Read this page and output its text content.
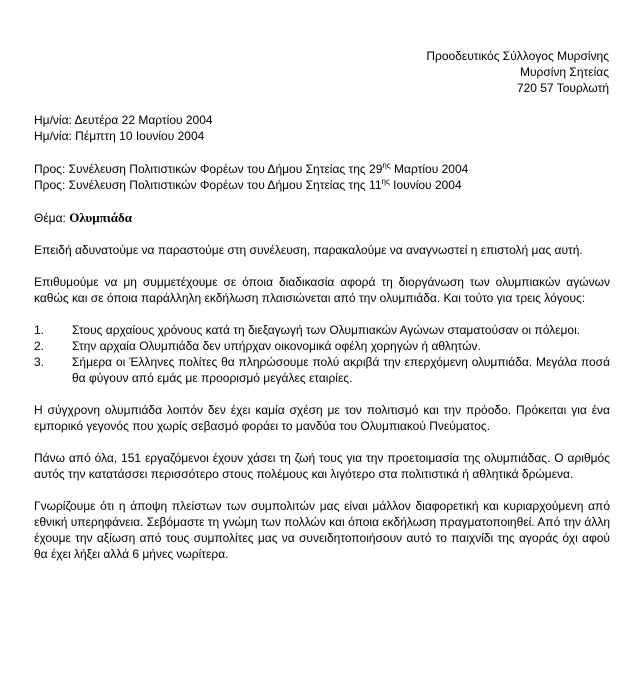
Προοδευτικός Σύλλογος Μυρσίνης
Μυρσίνη Σητείας
720 57 Τουρλωτή
Ημ/νία: Δευτέρα 22 Μαρτίου 2004
Ημ/νία: Πέμπτη 10 Ιουνίου 2004
Προς: Συνέλευση Πολιτιστικών Φορέων του Δήμου Σητείας της $29^{\eta\varsigma}$ Μαρτίου 2004
Προς: Συνέλευση Πολιτιστικών Φορέων του Δήμου Σητείας της $11^{\eta\varsigma}$ Ιουνίου 2004
Θέμα: Ολυμπιάδα

Επειδή αδυνατούμε να παραστούμε στη συνέλευση, παρακαλούμε να αναγνωστεί η επιστολή μας αυτή.

Επιθυμούμε να μη συμμετέχουμε σε όποια διαδικασία αφορά τη διοργάνωση των ολυμπιακών αγώνων καθώς και σε όποια παράλληλη εκδήλωση πλαισιώνεται από την ολυμπιάδα. Και τούτο για τρεις λόγους:

1. Στους αρχαίους χρόνους κατά τη διεξαγωγή των Ολυμπιακών Αγώνων σταματούσαν οι πόλεμοι.
2. Στην αρχαία Ολυμπιάδα δεν υπήρχαν οικονομικά οφέλη χορηγών ή αθλητών.
3. Σήμερα οι Έλληνες πολίτες θα πληρώσουμε πολύ ακριβά την επερχόμενη ολυμπιάδα. Μεγάλα ποσά θα φύγουν από εμάς με προορισμό μεγάλες εταιρίες.

Η σύγχρονη ολυμπιάδα λοιπόν δεν έχει καμία σχέση με τον πολιτισμό και την πρόοδο. Πρόκειται για ένα εμπορικό γεγονός που χωρίς σεβασμό φοράει το μανδύα του Ολυμπιακού Πνεύματος.

Πάνω από όλα, 151 εργαζόμενοι έχουν χάσει τη ζωή τους για την προετοιμασία της ολυμπιάδας. Ο αριθμός αυτός την κατατάσσει περισσότερο στους πολέμους και λιγότερο στα πολιτιστικά ή αθλητικά δρώμενα.

Γνωρίζουμε ότι η άποψη πλείστων των συμπολιτών μας είναι μάλλον διαφορετική και κυριαρχούμενη από εθνική υπερηφάνεια. Σεβόμαστε τη γνώμη των πολλών και όποια εκδήλωση πραγματοποιηθεί. Από την άλλη έχουμε την αξίωση από τους συμπολίτες μας να συνειδητοποιήσουν αυτό το παιχνίδι της αγοράς όχι αφού θα έχει λήξει αλλά 6 μήνες νωρίτερα.
